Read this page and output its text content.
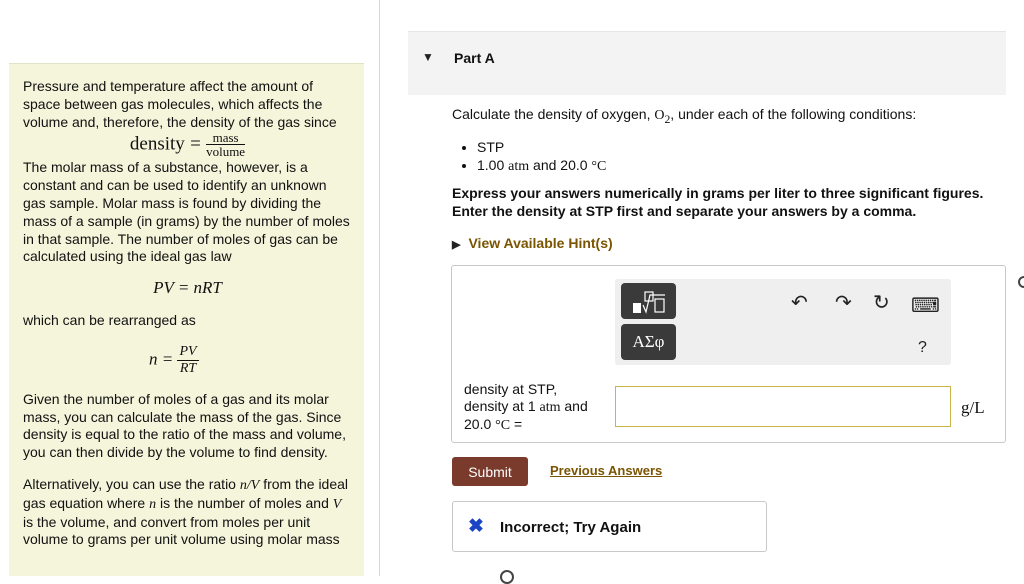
Pressure and temperature affect the amount of space between gas molecules, which affects the volume and, therefore, the density of the gas since

density = $\frac{\text{mass}}{\text{volume}}$

The molar mass of a substance, however, is a constant and can be used to identify an unknown gas sample. Molar mass is found by dividing the mass of a sample (in grams) by the number of moles in that sample. The number of moles of gas can be calculated using the ideal gas law

PV = nRT

which can be rearranged as

$n = \frac{PV}{RT}$

Given the number of moles of a gas and its molar mass, you can calculate the mass of the gas. Since density is equal to the ratio of the mass and volume, you can then divide by the volume to find density.

Alternatively, you can use the ratio n/V from the ideal gas equation where n is the number of moles and V is the volume, and convert from moles per unit volume to grams per unit volume using molar mass

▼ Part A
Calculate the density of oxygen, $O_2$, under each of the following conditions:
• STP
• 1.00 atm and 20.0 °C
Express your answers numerically in grams per liter to three significant figures. Enter the density at STP first and separate your answers by a comma.
▶ View Available Hint(s)
ΑΣφ
↶ ↷ ↻ ⌨
?
density at STP,
density at 1 atm and
20.0 °C =
g/L
Submit	Previous Answers
✖ Incorrect; Try Again
